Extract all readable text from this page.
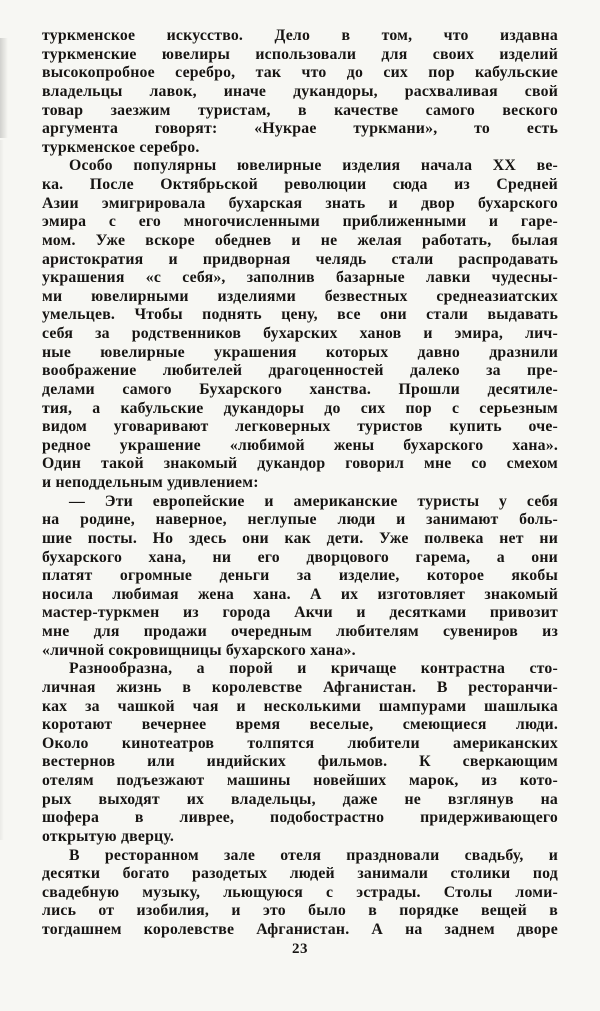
туркменское искусство. Дело в том, что издавна
туркменские ювелиры использовали для своих изделий
высокопробное серебро, так что до сих пор кабульские
владельцы лавок, иначе дукандоры, расхваливая свой
товар заезжим туристам, в качестве самого веского
аргумента говорят: «Нукрае туркмани», то есть
туркменское серебро.
Особо популярны ювелирные изделия начала XX ве-
ка. После Октябрьской революции сюда из Средней
Азии эмигрировала бухарская знать и двор бухарского
эмира с его многочисленными приближенными и гаре-
мом. Уже вскоре обеднев и не желая работать, былая
аристократия и придворная челядь стали распродавать
украшения «с себя», заполнив базарные лавки чудесны-
ми ювелирными изделиями безвестных среднеазиатских
умельцев. Чтобы поднять цену, все они стали выдавать
себя за родственников бухарских ханов и эмира, лич-
ные ювелирные украшения которых давно дразнили
воображение любителей драгоценностей далеко за пре-
делами самого Бухарского ханства. Прошли десятиле-
тия, а кабульские дукандоры до сих пор с серьезным
видом уговаривают легковерных туристов купить оче-
редное украшение «любимой жены бухарского хана».
Один такой знакомый дукандор говорил мне со смехом
и неподдельным удивлением:
— Эти европейские и американские туристы у себя
на родине, наверное, неглупые люди и занимают боль-
шие посты. Но здесь они как дети. Уже полвека нет ни
бухарского хана, ни его дворцового гарема, а они
платят огромные деньги за изделие, которое якобы
носила любимая жена хана. А их изготовляет знакомый
мастер-туркмен из города Акчи и десятками привозит
мне для продажи очередным любителям сувениров из
«личной сокровищницы бухарского хана».
Разнообразна, а порой и кричаще контрастна сто-
личная жизнь в королевстве Афганистан. В ресторанчи-
ках за чашкой чая и несколькими шампурами шашлыка
коротают вечернее время веселые, смеющиеся люди.
Около кинотеатров толпятся любители американских
вестернов или индийских фильмов. К сверкающим
отелям подъезжают машины новейших марок, из кото-
рых выходят их владельцы, даже не взглянув на
шофера в ливрее, подобострастно придерживающего
открытую дверцу.
В ресторанном зале отеля праздновали свадьбу, и
десятки богато разодетых людей занимали столики под
свадебную музыку, льющуюся с эстрады. Столы ломи-
лись от изобилия, и это было в порядке вещей в
тогдашнем королевстве Афганистан. А на заднем дворе
23
